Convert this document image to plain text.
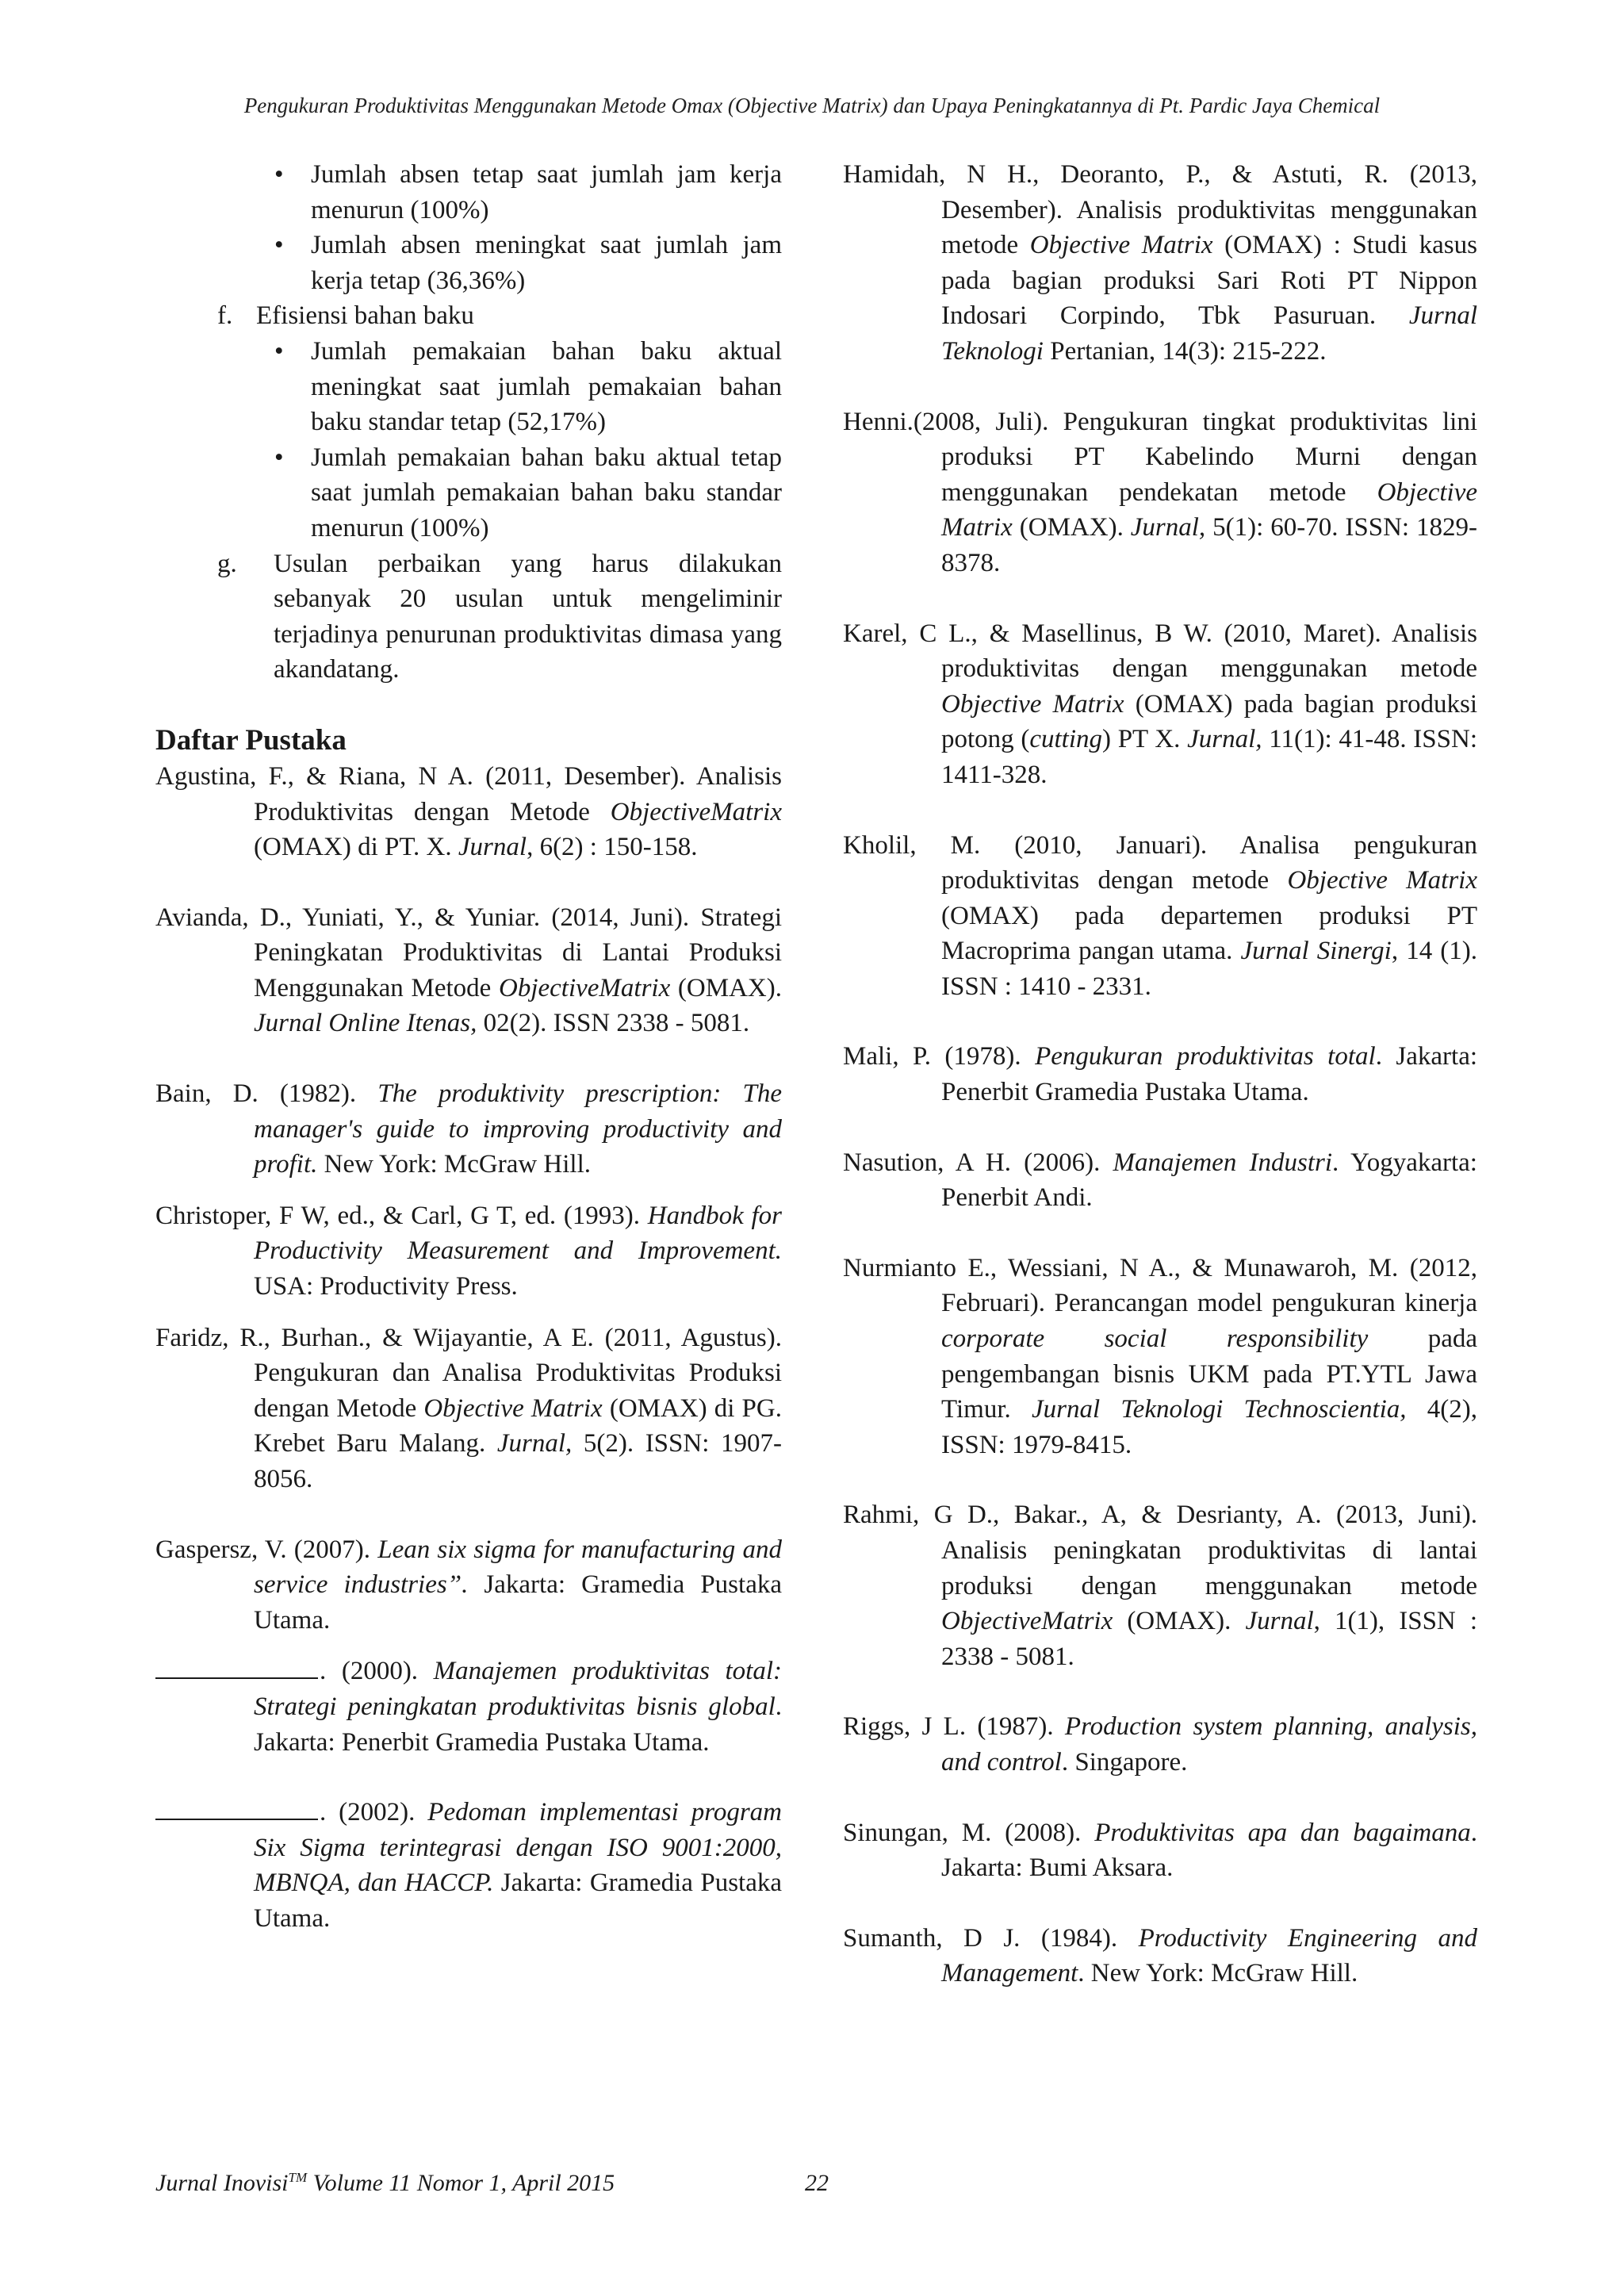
Pengukuran Produktivitas Menggunakan Metode Omax (Objective Matrix) dan Upaya Peningkatannya di Pt. Pardic Jaya Chemical
• Jumlah absen tetap saat jumlah jam kerja menurun (100%)
• Jumlah absen meningkat saat jumlah jam kerja tetap (36,36%)
f. Efisiensi bahan baku
• Jumlah pemakaian bahan baku aktual meningkat saat jumlah pemakaian bahan baku standar tetap (52,17%)
• Jumlah pemakaian bahan baku aktual tetap saat jumlah pemakaian bahan baku standar menurun (100%)
g. Usulan perbaikan yang harus dilakukan sebanyak 20 usulan untuk mengeliminir terjadinya penurunan produktivitas dimasa yang akandatang.
Daftar Pustaka

Agustina, F., & Riana, N A. (2011, Desember). Analisis Produktivitas dengan Metode ObjectiveMatrix (OMAX) di PT. X. Jurnal, 6(2) : 150-158.

Avianda, D., Yuniati, Y., & Yuniar. (2014, Juni). Strategi Peningkatan Produktivitas di Lantai Produksi Menggunakan Metode ObjectiveMatrix (OMAX). Jurnal Online Itenas, 02(2). ISSN 2338 - 5081.

Bain, D. (1982). The produktivity prescription: The manager's guide to improving productivity and profit. New York: McGraw Hill.

Christoper, F W, ed., & Carl, G T, ed. (1993). Handbok for Productivity Measurement and Improvement. USA: Productivity Press.

Faridz, R., Burhan., & Wijayantie, A E. (2011, Agustus). Pengukuran dan Analisa Produktivitas Produksi dengan Metode Objective Matrix (OMAX) di PG. Krebet Baru Malang. Jurnal, 5(2). ISSN: 1907-8056.

Gaspersz, V. (2007). Lean six sigma for manufacturing and service industries”. Jakarta: Gramedia Pustaka Utama.

. (2000). Manajemen produktivitas total: Strategi peningkatan produktivitas bisnis global. Jakarta: Penerbit Gramedia Pustaka Utama.

. (2002). Pedoman implementasi program Six Sigma terintegrasi dengan ISO 9001:2000, MBNQA, dan HACCP. Jakarta: Gramedia Pustaka Utama.

Hamidah, N H., Deoranto, P., & Astuti, R. (2013, Desember). Analisis produktivitas menggunakan metode Objective Matrix (OMAX) : Studi kasus pada bagian produksi Sari Roti PT Nippon Indosari Corpindo, Tbk Pasuruan. Jurnal Teknologi Pertanian, 14(3): 215-222.

Henni.(2008, Juli). Pengukuran tingkat produktivitas lini produksi PT Kabelindo Murni dengan menggunakan pendekatan metode Objective Matrix (OMAX). Jurnal, 5(1): 60-70. ISSN: 1829-8378.

Karel, C L., & Masellinus, B W. (2010, Maret). Analisis produktivitas dengan menggunakan metode Objective Matrix (OMAX) pada bagian produksi potong (cutting) PT X. Jurnal, 11(1): 41-48. ISSN: 1411-328.

Kholil, M. (2010, Januari). Analisa pengukuran produktivitas dengan metode Objective Matrix (OMAX) pada departemen produksi PT Macroprima pangan utama. Jurnal Sinergi, 14 (1). ISSN : 1410 - 2331.

Mali, P. (1978). Pengukuran produktivitas total. Jakarta: Penerbit Gramedia Pustaka Utama.

Nasution, A H. (2006). Manajemen Industri. Yogyakarta: Penerbit Andi.

Nurmianto E., Wessiani, N A., & Munawaroh, M. (2012, Februari). Perancangan model pengukuran kinerja corporate social responsibility pada pengembangan bisnis UKM pada PT.YTL Jawa Timur. Jurnal Teknologi Technoscientia, 4(2), ISSN: 1979-8415.

Rahmi, G D., Bakar., A, & Desrianty, A. (2013, Juni). Analisis peningkatan produktivitas di lantai produksi dengan menggunakan metode ObjectiveMatrix (OMAX). Jurnal, 1(1), ISSN : 2338 - 5081.

Riggs, J L. (1987). Production system planning, analysis, and control. Singapore.

Sinungan, M. (2008). Produktivitas apa dan bagaimana. Jakarta: Bumi Aksara.

Sumanth, D J. (1984). Productivity Engineering and Management. New York: McGraw Hill.

Jurnal Inovisi™ Volume 11 Nomor 1, April 2015	22
